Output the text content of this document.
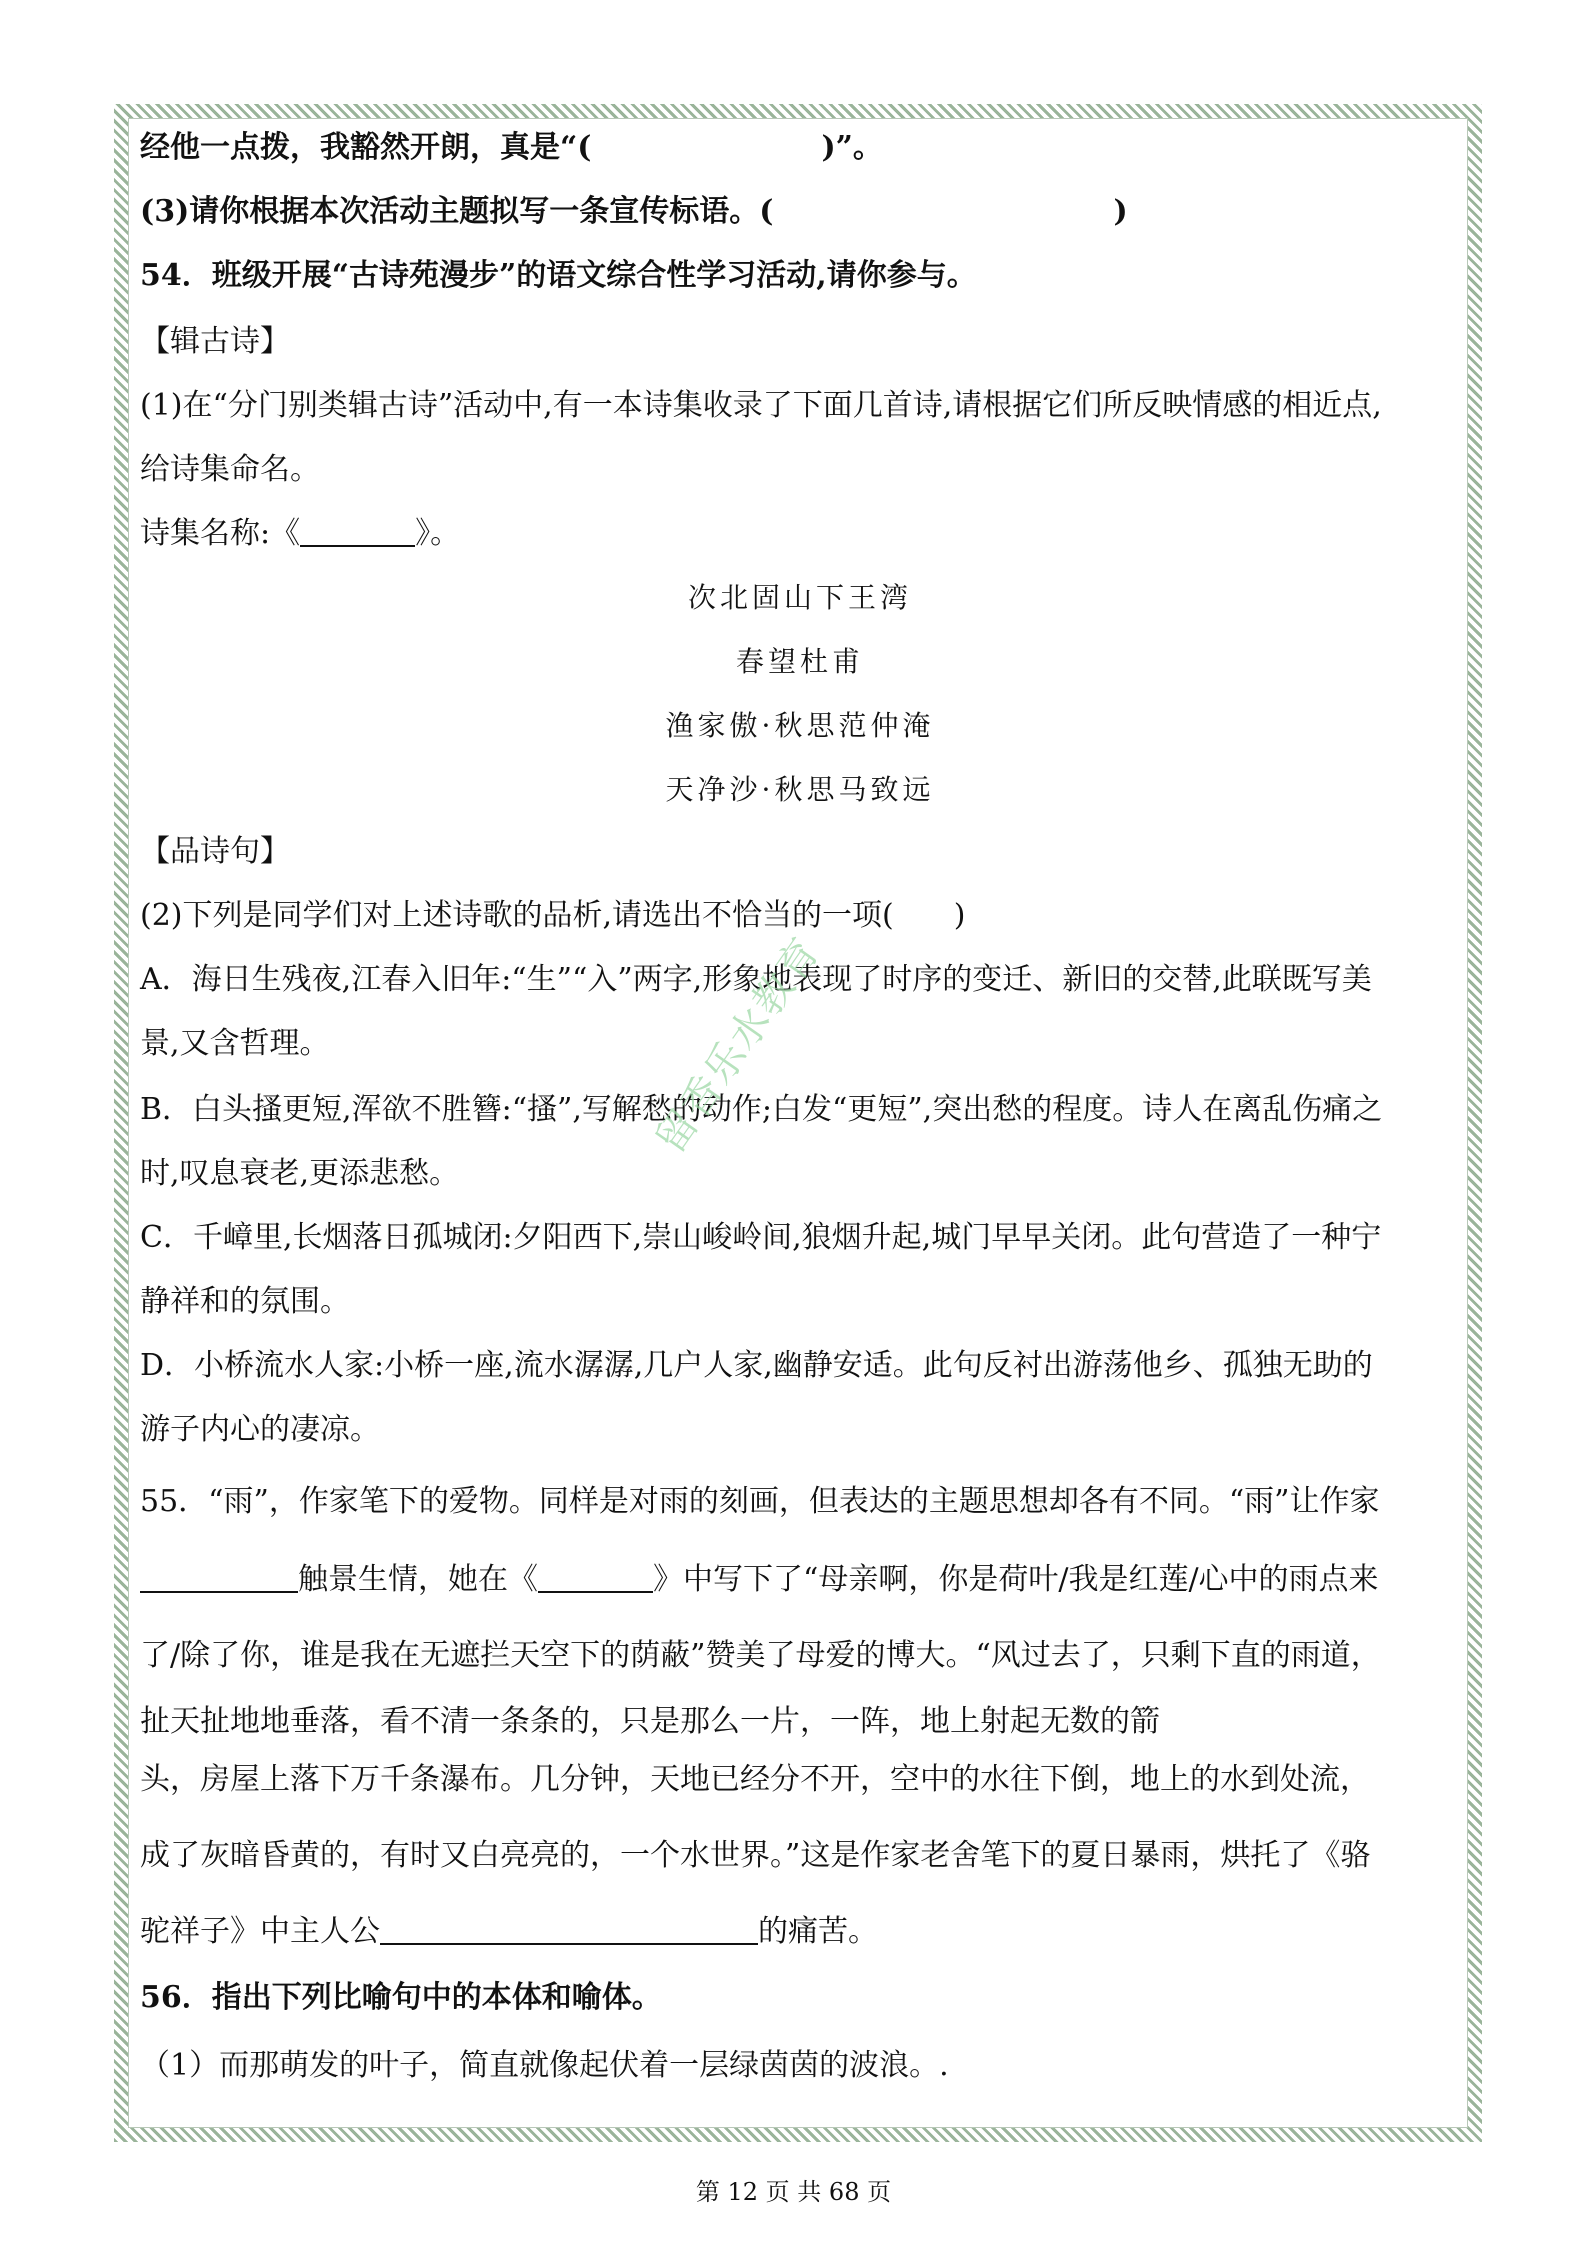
经他一点拨，我豁然开朗，真是“(	)”。
(3)请你根据本次活动主题拟写一条宣传标语。(	)
54．班级开展“古诗苑漫步”的语文综合性学习活动,请你参与。
【辑古诗】
(1)在“分门别类辑古诗”活动中,有一本诗集收录了下面几首诗,请根据它们所反映情感的相近点,
给诗集命名。
诗集名称:《	》。
次北固山下王湾
春望杜甫
渔家傲·秋思范仲淹
天净沙·秋思马致远
【品诗句】
(2)下列是同学们对上述诗歌的品析,请选出不恰当的一项(　　)
A．海日生残夜,江春入旧年:“生”“入”两字,形象地表现了时序的变迁、新旧的交替,此联既写美
景,又含哲理。
B．白头搔更短,浑欲不胜簪:“搔”,写解愁的动作;白发“更短”,突出愁的程度。诗人在离乱伤痛之
时,叹息衰老,更添悲愁。
C．千嶂里,长烟落日孤城闭:夕阳西下,崇山峻岭间,狼烟升起,城门早早关闭。此句营造了一种宁
静祥和的氛围。
D．小桥流水人家:小桥一座,流水潺潺,几户人家,幽静安适。此句反衬出游荡他乡、孤独无助的
游子内心的凄凉。
55．“雨”，作家笔下的爱物。同样是对雨的刻画，但表达的主题思想却各有不同。“雨”让作家
触景生情，她在《	》中写下了“母亲啊，你是荷叶/我是红莲/心中的雨点来
了/除了你，谁是我在无遮拦天空下的荫蔽”赞美了母爱的博大。“风过去了，只剩下直的雨道，
扯天扯地地垂落，看不清一条条的，只是那么一片，一阵，地上射起无数的箭
头，房屋上落下万千条瀑布。几分钟，天地已经分不开，空中的水往下倒，地上的水到处流，
成了灰暗昏黄的，有时又白亮亮的，一个水世界。”这是作家老舍笔下的夏日暴雨，烘托了《骆
驼祥子》中主人公	的痛苦。
56．指出下列比喻句中的本体和喻体。
（1）而那萌发的叶子，简直就像起伏着一层绿茵茵的波浪。.
留香乐水教育
第 12 页 共 68 页
